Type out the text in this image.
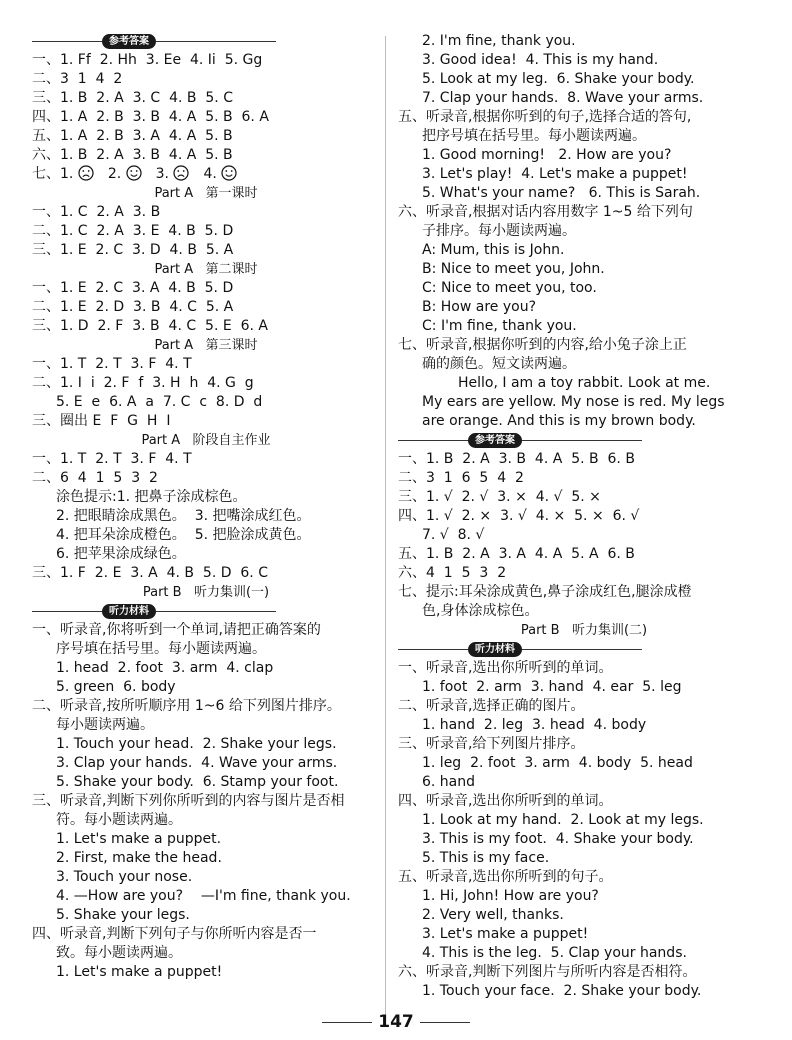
参考答案
一、1. Ff  2. Hh  3. Ee  4. Ii  5. Gg
二、3  1  4  2
三、1. B  2. A  3. C  4. B  5. C
四、1. A  2. B  3. B  4. A  5. B  6. A
五、1. A  2. B  3. A  4. A  5. B
六、1. B  2. A  3. B  4. A  5. B
七、1. 2. 3. 4.
Part A   第一课时
一、1. C  2. A  3. B
二、1. C  2. A  3. E  4. B  5. D
三、1. E  2. C  3. D  4. B  5. A
Part A   第二课时
一、1. E  2. C  3. A  4. B  5. D
二、1. E  2. D  3. B  4. C  5. A
三、1. D  2. F  3. B  4. C  5. E  6. A
Part A   第三课时
一、1. T  2. T  3. F  4. T
二、1. I  i  2. F  f  3. H  h  4. G  g
5. E  e  6. A  a  7. C  c  8. D  d
三、圈出 E  F  G  H  I
Part A   阶段自主作业
一、1. T  2. T  3. F  4. T
二、6  4  1  5  3  2
涂色提示:1. 把鼻子涂成棕色。
2. 把眼睛涂成黑色。  3. 把嘴涂成红色。
4. 把耳朵涂成橙色。  5. 把脸涂成黄色。
6. 把苹果涂成绿色。
三、1. F  2. E  3. A  4. B  5. D  6. C
Part B   听力集训(一)
听力材料
一、听录音,你将听到一个单词,请把正确答案的
序号填在括号里。每小题读两遍。
1. head  2. foot  3. arm  4. clap
5. green  6. body
二、听录音,按所听顺序用 1~6 给下列图片排序。
每小题读两遍。
1. Touch your head.  2. Shake your legs.
3. Clap your hands.  4. Wave your arms.
5. Shake your body.  6. Stamp your foot.
三、听录音,判断下列你所听到的内容与图片是否相
符。每小题读两遍。
1. Let's make a puppet.
2. First, make the head.
3. Touch your nose.
4. —How are you?    —I'm fine, thank you.
5. Shake your legs.
四、听录音,判断下列句子与你所听内容是否一
致。每小题读两遍。
1. Let's make a puppet!
2. I'm fine, thank you.
3. Good idea!  4. This is my hand.
5. Look at my leg.  6. Shake your body.
7. Clap your hands.  8. Wave your arms.
五、听录音,根据你听到的句子,选择合适的答句,
把序号填在括号里。每小题读两遍。
1. Good morning!   2. How are you?
3. Let's play!  4. Let's make a puppet!
5. What's your name?   6. This is Sarah.
六、听录音,根据对话内容用数字 1~5 给下列句
子排序。每小题读两遍。
A: Mum, this is John.
B: Nice to meet you, John.
C: Nice to meet you, too.
B: How are you?
C: I'm fine, thank you.
七、听录音,根据你听到的内容,给小兔子涂上正
确的颜色。短文读两遍。
Hello, I am a toy rabbit. Look at me.
My ears are yellow. My nose is red. My legs
are orange. And this is my brown body.
参考答案
一、1. B  2. A  3. B  4. A  5. B  6. B
二、3  1  6  5  4  2
三、1. √  2. √  3. ×  4. √  5. ×
四、1. √  2. ×  3. √  4. ×  5. ×  6. √
7. √  8. √
五、1. B  2. A  3. A  4. A  5. A  6. B
六、4  1  5  3  2
七、提示:耳朵涂成黄色,鼻子涂成红色,腿涂成橙
色,身体涂成棕色。
Part B   听力集训(二)
听力材料
一、听录音,选出你所听到的单词。
1. foot  2. arm  3. hand  4. ear  5. leg
二、听录音,选择正确的图片。
1. hand  2. leg  3. head  4. body
三、听录音,给下列图片排序。
1. leg  2. foot  3. arm  4. body  5. head
6. hand
四、听录音,选出你所听到的单词。
1. Look at my hand.  2. Look at my legs.
3. This is my foot.  4. Shake your body.
5. This is my face.
五、听录音,选出你所听到的句子。
1. Hi, John! How are you?
2. Very well, thanks.
3. Let's make a puppet!
4. This is the leg.  5. Clap your hands.
六、听录音,判断下列图片与所听内容是否相符。
1. Touch your face.  2. Shake your body.
147
